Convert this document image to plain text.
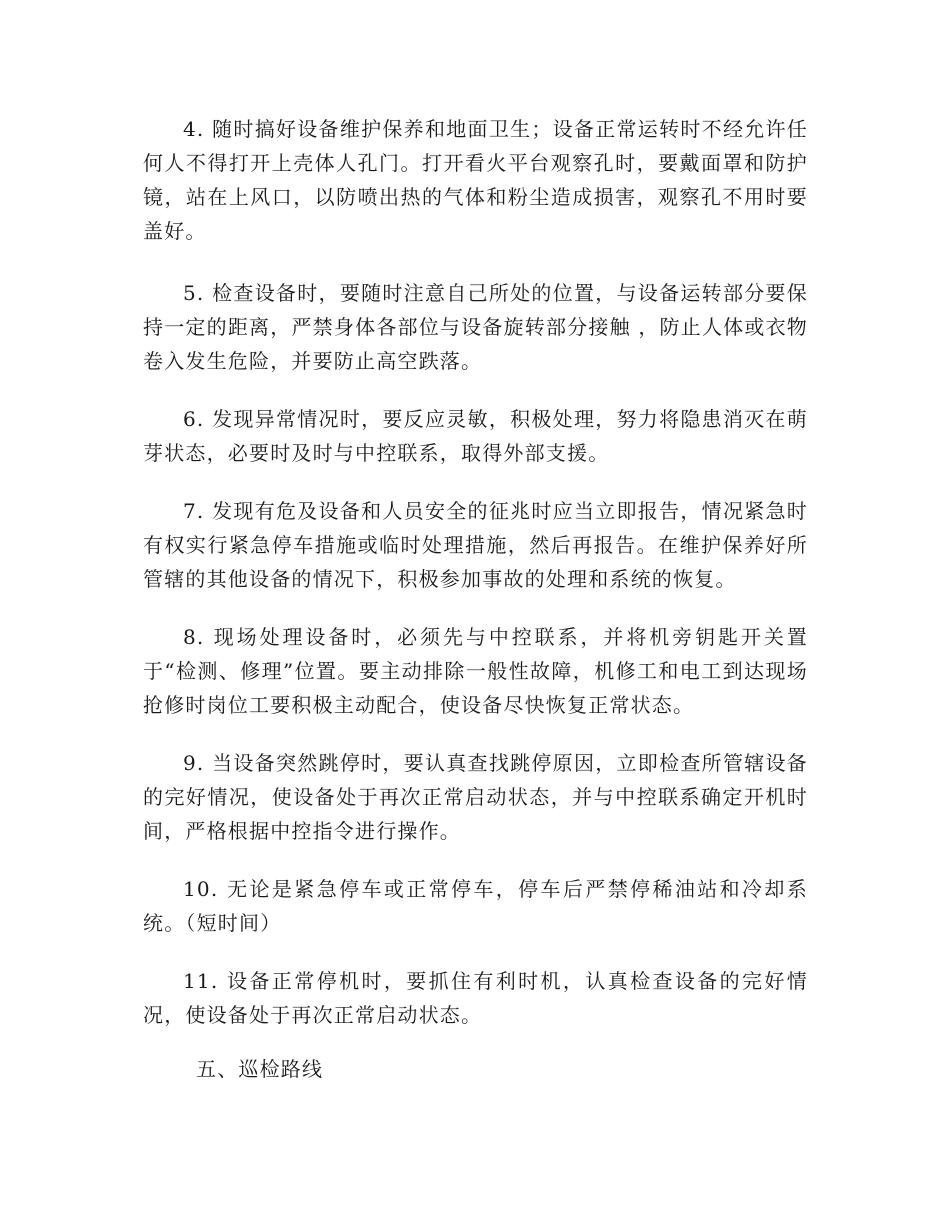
4. 随时搞好设备维护保养和地面卫生；设备正常运转时不经允许任何人不得打开上壳体人孔门。打开看火平台观察孔时，要戴面罩和防护镜，站在上风口，以防喷出热的气体和粉尘造成损害，观察孔不用时要盖好。

5. 检查设备时，要随时注意自己所处的位置，与设备运转部分要保持一定的距离，严禁身体各部位与设备旋转部分接触 ，防止人体或衣物卷入发生危险，并要防止高空跌落。

6. 发现异常情况时，要反应灵敏，积极处理，努力将隐患消灭在萌芽状态，必要时及时与中控联系，取得外部支援。

7. 发现有危及设备和人员安全的征兆时应当立即报告，情况紧急时有权实行紧急停车措施或临时处理措施，然后再报告。在维护保养好所管辖的其他设备的情况下，积极参加事故的处理和系统的恢复。

8. 现场处理设备时，必须先与中控联系，并将机旁钥匙开关置于“检测、修理”位置。要主动排除一般性故障，机修工和电工到达现场抢修时岗位工要积极主动配合，使设备尽快恢复正常状态。

9. 当设备突然跳停时，要认真查找跳停原因，立即检查所管辖设备的完好情况，使设备处于再次正常启动状态，并与中控联系确定开机时间，严格根据中控指令进行操作。

10. 无论是紧急停车或正常停车，停车后严禁停稀油站和冷却系统。（短时间）

11. 设备正常停机时，要抓住有利时机，认真检查设备的完好情况，使设备处于再次正常启动状态。

五、巡检路线
